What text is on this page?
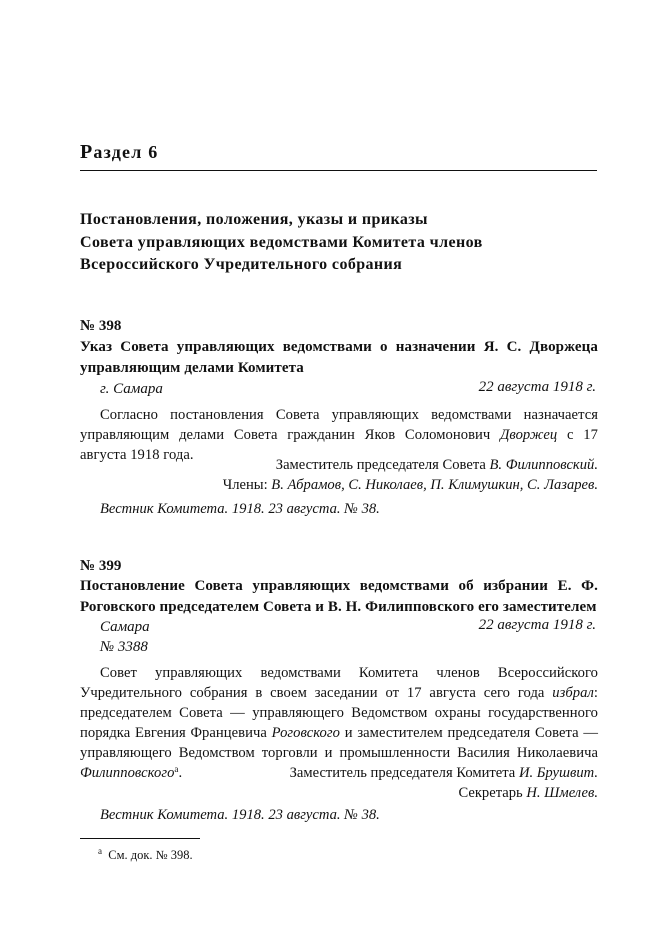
Раздел 6
Постановления, положения, указы и приказы
Совета управляющих ведомствами Комитета членов
Всероссийского Учредительного собрания
№ 398
Указ Совета управляющих ведомствами о назначении Я. С. Дворжеца управляющим делами Комитета
г. Самара	22 августа 1918 г.
Согласно постановления Совета управляющих ведомствами назначается управляющим делами Совета гражданин Яков Соломонович Дворжец с 17 августа 1918 года.
Заместитель председателя Совета В. Филипповский.
Члены: В. Абрамов, С. Николаев, П. Климушкин, С. Лазарев.
Вестник Комитета. 1918. 23 августа. № 38.
№ 399
Постановление Совета управляющих ведомствами об избрании Е. Ф. Роговского председателем Совета и В. Н. Филипповского его заместителем
Самара
№ 3388
22 августа 1918 г.
Совет управляющих ведомствами Комитета членов Всероссийского Учредительного собрания в своем заседании от 17 августа сего года избрал: председателем Совета — управляющего Ведомством охраны государственного порядка Евгения Францевича Роговского и заместителем председателя Совета — управляющего Ведомством торговли и промышленности Василия Николаевича Филипповского$^а$.	Заместитель председателя Комитета И. Брушвит.
Секретарь Н. Шмелев.
Вестник Комитета. 1918. 23 августа. № 38.
$^а$ См. док. № 398.
